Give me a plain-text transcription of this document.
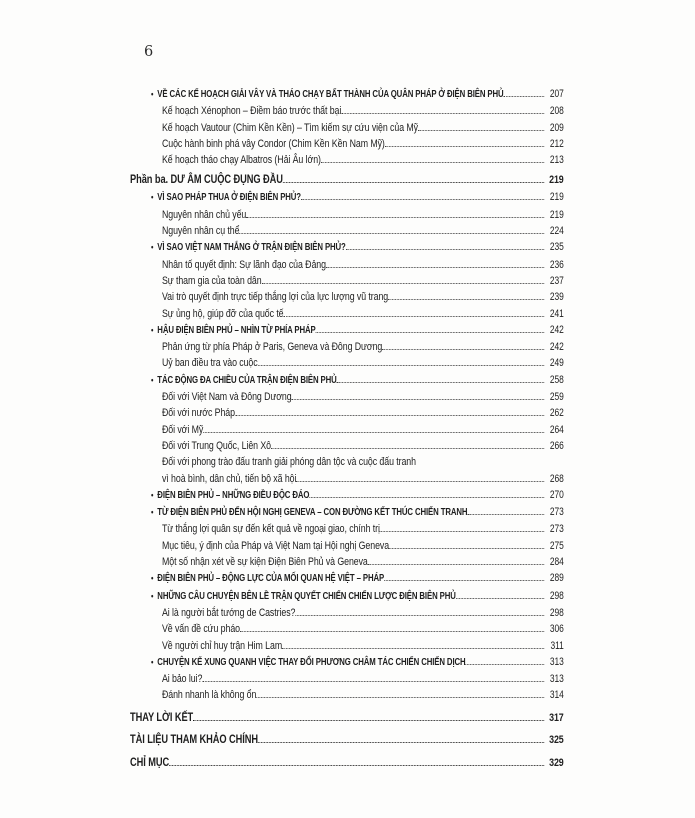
6
• VỀ CÁC KẾ HOẠCH GIẢI VÂY VÀ THÁO CHẠY BẤT THÀNH CỦA QUÂN PHÁP Ở ĐIỆN BIÊN PHỦ	207
Kế hoạch Xénophon – Điềm báo trước thất bại	208
Kế hoạch Vautour (Chim Kền Kền) – Tìm kiếm sự cứu viện của Mỹ	209
Cuộc hành binh phá vây Condor (Chim Kền Kền Nam Mỹ)	212
Kế hoạch tháo chạy Albatros (Hải Âu lớn)	213
Phần ba. DƯ ÂM CUỘC ĐỤNG ĐẦU	219
• VÌ SAO PHÁP THUA Ở ĐIỆN BIÊN PHỦ?	219
Nguyên nhân chủ yếu	219
Nguyên nhân cụ thể	224
• VÌ SAO VIỆT NAM THẮNG Ở TRẬN ĐIỆN BIÊN PHỦ?	235
Nhân tố quyết định: Sự lãnh đạo của Đảng	236
Sự tham gia của toàn dân	237
Vai trò quyết định trực tiếp thắng lợi của lực lượng vũ trang	239
Sự ủng hộ, giúp đỡ của quốc tế	241
• HẬU ĐIỆN BIÊN PHỦ – NHÌN TỪ PHÍA PHÁP	242
Phản ứng từ phía Pháp ở Paris, Geneva và Đông Dương	242
Uỷ ban điều tra vào cuộc	249
• TÁC ĐỘNG ĐA CHIỀU CỦA TRẬN ĐIỆN BIÊN PHỦ	258
Đối với Việt Nam và Đông Dương	259
Đối với nước Pháp	262
Đối với Mỹ	264
Đối với Trung Quốc, Liên Xô	266
Đối với phong trào đấu tranh giải phóng dân tộc và cuộc đấu tranh
vì hoà bình, dân chủ, tiến bộ xã hội	268
• ĐIỆN BIÊN PHỦ – NHỮNG ĐIỀU ĐỘC ĐÁO	270
• TỪ ĐIỆN BIÊN PHỦ ĐẾN HỘI NGHỊ GENEVA – CON ĐƯỜNG KẾT THÚC CHIẾN TRANH	273
Từ thắng lợi quân sự đến kết quả về ngoại giao, chính trị	273
Mục tiêu, ý định của Pháp và Việt Nam tại Hội nghị Geneva	275
Một số nhận xét về sự kiện Điện Biên Phủ và Geneva	284
• ĐIỆN BIÊN PHỦ – ĐỘNG LỰC CỦA MỐI QUAN HỆ VIỆT – PHÁP	289
• NHỮNG CÂU CHUYỆN BÊN LỀ TRẬN QUYẾT CHIẾN CHIẾN LƯỢC ĐIỆN BIÊN PHỦ	298
Ai là người bắt tướng de Castries?	298
Về vấn đề cứu pháo	306
Về người chỉ huy trận Him Lam	311
• CHUYỆN KỂ XUNG QUANH VIỆC THAY ĐỔI PHƯƠNG CHÂM TÁC CHIẾN CHIẾN DỊCH	313
Ai bảo lui?	313
Đánh nhanh là không ổn	314
THAY LỜI KẾT	317
TÀI LIỆU THAM KHẢO CHÍNH	325
CHỈ MỤC	329
